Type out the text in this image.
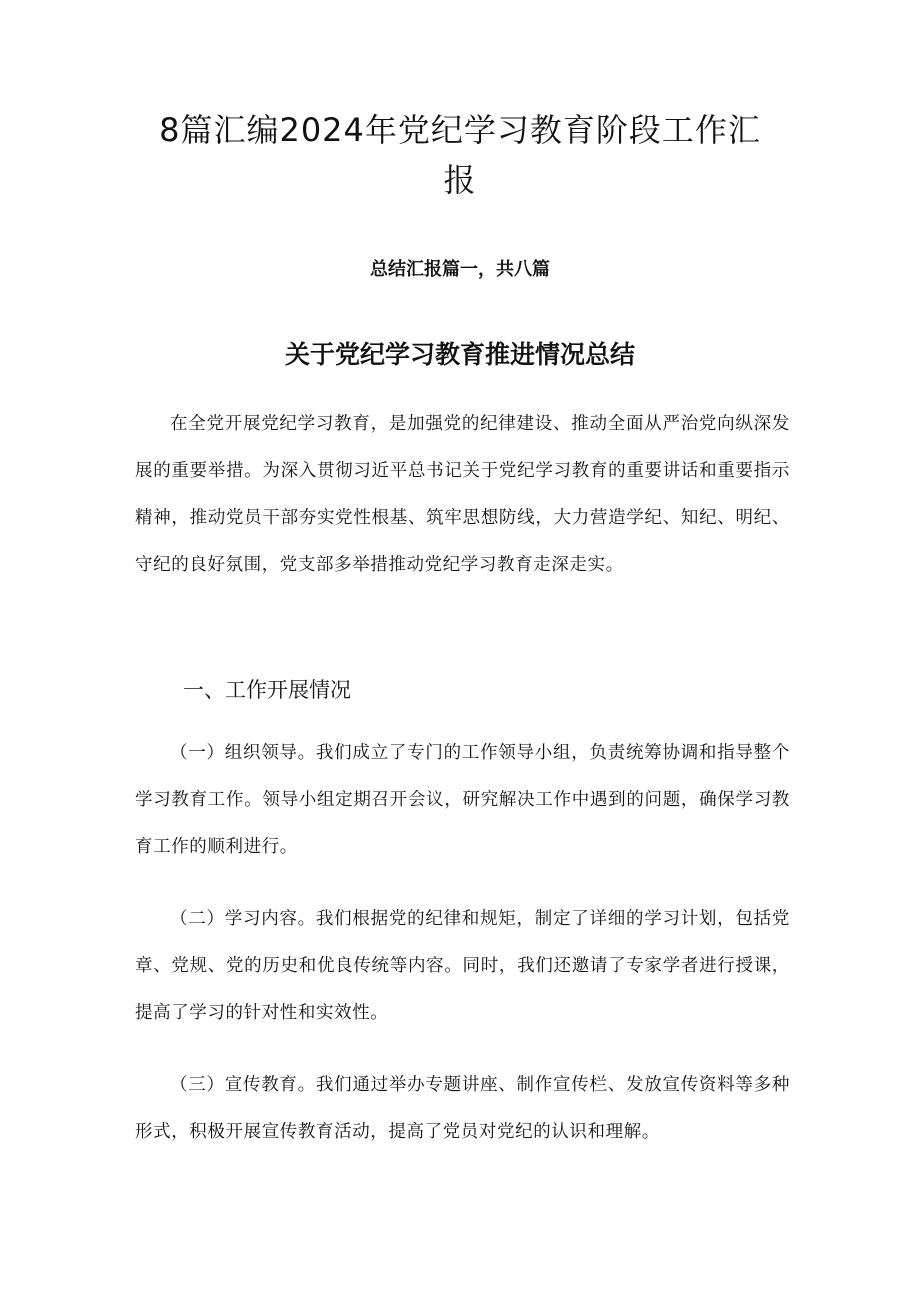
8篇汇编2024年党纪学习教育阶段工作汇报

总结汇报篇一，共八篇

关于党纪学习教育推进情况总结

在全党开展党纪学习教育，是加强党的纪律建设、推动全面从严治党向纵深发展的重要举措。为深入贯彻习近平总书记关于党纪学习教育的重要讲话和重要指示精神，推动党员干部夯实党性根基、筑牢思想防线，大力营造学纪、知纪、明纪、守纪的良好氛围，党支部多举措推动党纪学习教育走深走实。

一、工作开展情况

（一）组织领导。我们成立了专门的工作领导小组，负责统筹协调和指导整个学习教育工作。领导小组定期召开会议，研究解决工作中遇到的问题，确保学习教育工作的顺利进行。

（二）学习内容。我们根据党的纪律和规矩，制定了详细的学习计划，包括党章、党规、党的历史和优良传统等内容。同时，我们还邀请了专家学者进行授课，提高了学习的针对性和实效性。

（三）宣传教育。我们通过举办专题讲座、制作宣传栏、发放宣传资料等多种形式，积极开展宣传教育活动，提高了党员对党纪的认识和理解。
